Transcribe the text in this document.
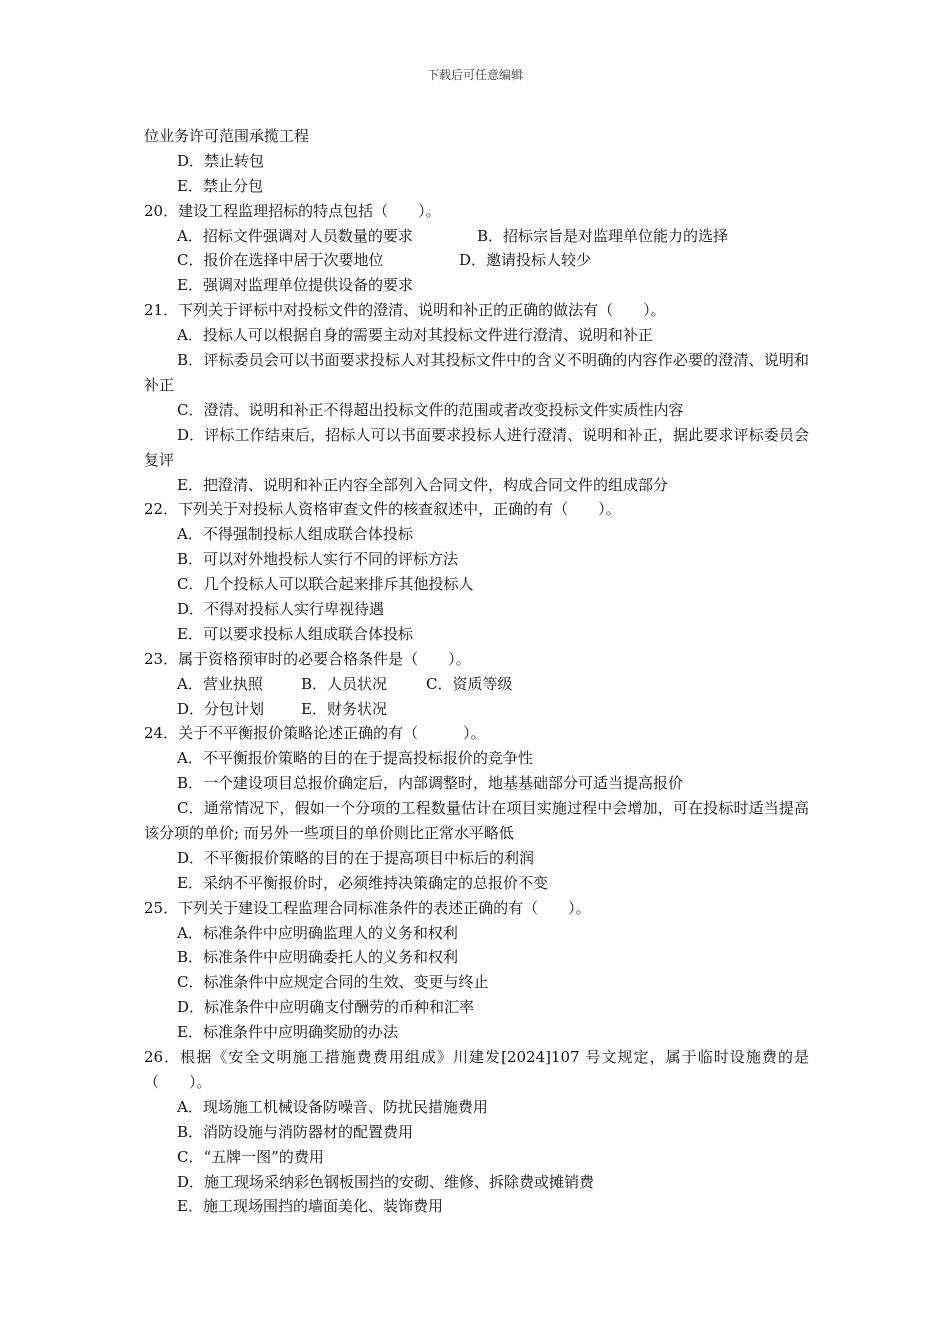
下载后可任意编辑
位业务许可范围承揽工程
D．禁止转包
E．禁止分包
20．建设工程监理招标的特点包括（　　）。
A．招标文件强调对人员数量的要求	B．招标宗旨是对监理单位能力的选择
C．报价在选择中居于次要地位	D．邀请投标人较少
E．强调对监理单位提供设备的要求
21．下列关于评标中对投标文件的澄清、说明和补正的正确的做法有（　　）。
A．投标人可以根据自身的需要主动对其投标文件进行澄清、说明和补正
B．评标委员会可以书面要求投标人对其投标文件中的含义不明确的内容作必要的澄清、说明和补正
C．澄清、说明和补正不得超出投标文件的范围或者改变投标文件实质性内容
D．评标工作结束后，招标人可以书面要求投标人进行澄清、说明和补正，据此要求评标委员会复评
E．把澄清、说明和补正内容全部列入合同文件，构成合同文件的组成部分
22．下列关于对投标人资格审查文件的核查叙述中，正确的有（　　）。
A．不得强制投标人组成联合体投标
B．可以对外地投标人实行不同的评标方法
C．几个投标人可以联合起来排斥其他投标人
D．不得对投标人实行卑视待遇
E．可以要求投标人组成联合体投标
23．属于资格预审时的必要合格条件是（　　）。
A．营业执照	B．人员状况	C．资质等级
D．分包计划	E．财务状况
24．关于不平衡报价策略论述正确的有（　　　）。
A．不平衡报价策略的目的在于提高投标报价的竞争性
B．一个建设项目总报价确定后，内部调整时，地基基础部分可适当提高报价
C．通常情况下，假如一个分项的工程数量估计在项目实施过程中会增加，可在投标时适当提高该分项的单价; 而另外一些项目的单价则比正常水平略低
D．不平衡报价策略的目的在于提高项目中标后的利润
E．采纳不平衡报价时，必须维持决策确定的总报价不变
25．下列关于建设工程监理合同标准条件的表述正确的有（　　）。
A．标准条件中应明确监理人的义务和权利
B．标准条件中应明确委托人的义务和权利
C．标准条件中应规定合同的生效、变更与终止
D．标准条件中应明确支付酬劳的币种和汇率
E．标准条件中应明确奖励的办法
26．根据《安全文明施工措施费费用组成》川建发[2024]107 号文规定，属于临时设施费的是（　　）。
A．现场施工机械设备防噪音、防扰民措施费用
B．消防设施与消防器材的配置费用
C．“五牌一图”的费用
D．施工现场采纳彩色钢板围挡的安砌、维修、拆除费或摊销费
E．施工现场围挡的墙面美化、装饰费用
